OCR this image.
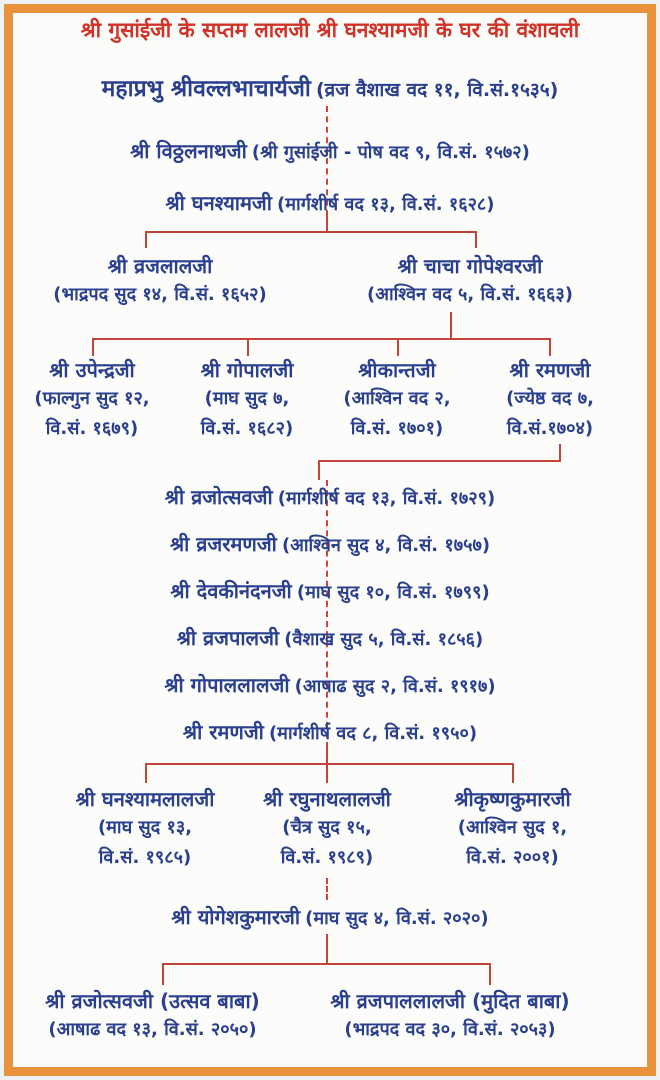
श्री गुसांईजी के सप्तम लालजी श्री घनश्यामजी के घर की वंशावली
महाप्रभु श्रीवल्लभाचार्यजी (व्रज वैशाख वद ११, वि.सं.१५३५)
श्री विठ्ठलनाथजी (श्री गुसांईजी - पोष वद ९, वि.सं. १५७२)
श्री घनश्यामजी (मार्गशीर्ष वद १३, वि.सं. १६२८)
श्री व्रजलालजी
(भाद्रपद सुद १४, वि.सं. १६५२)
श्री चाचा गोपेश्वरजी
(आश्विन वद ५, वि.सं. १६६३)
श्री उपेन्द्रजी
(फाल्गुन सुद १२,
वि.सं. १६७९)
श्री गोपालजी
(माघ सुद ७,
वि.सं. १६८२)
श्रीकान्तजी
(आश्विन वद २,
वि.सं. १७०१)
श्री रमणजी
(ज्येष्ठ वद ७,
वि.सं.१७०४)
श्री व्रजोत्सवजी (मार्गशीर्ष वद १३, वि.सं. १७२९)
श्री व्रजरमणजी (आश्विन सुद ४, वि.सं. १७५७)
श्री देवकीनंदनजी (माघ सुद १०, वि.सं. १७९९)
श्री व्रजपालजी (वैशाख सुद ५, वि.सं. १८५६)
श्री गोपाललालजी (आषाढ सुद २, वि.सं. १९१७)
श्री रमणजी (मार्गशीर्ष वद ८, वि.सं. १९५०)
श्री घनश्यामलालजी
(माघ सुद १३,
वि.सं. १९८५)
श्री रघुनाथलालजी
(चैत्र सुद १५,
वि.सं. १९८९)
श्रीकृष्णकुमारजी
(आश्विन सुद १,
वि.सं. २००१)
श्री योगेशकुमारजी (माघ सुद ४, वि.सं. २०२०)
श्री व्रजोत्सवजी (उत्सव बाबा)
(आषाढ वद १३, वि.सं. २०५०)
श्री व्रजपाललालजी (मुदित बाबा)
(भाद्रपद वद ३०, वि.सं. २०५३)
